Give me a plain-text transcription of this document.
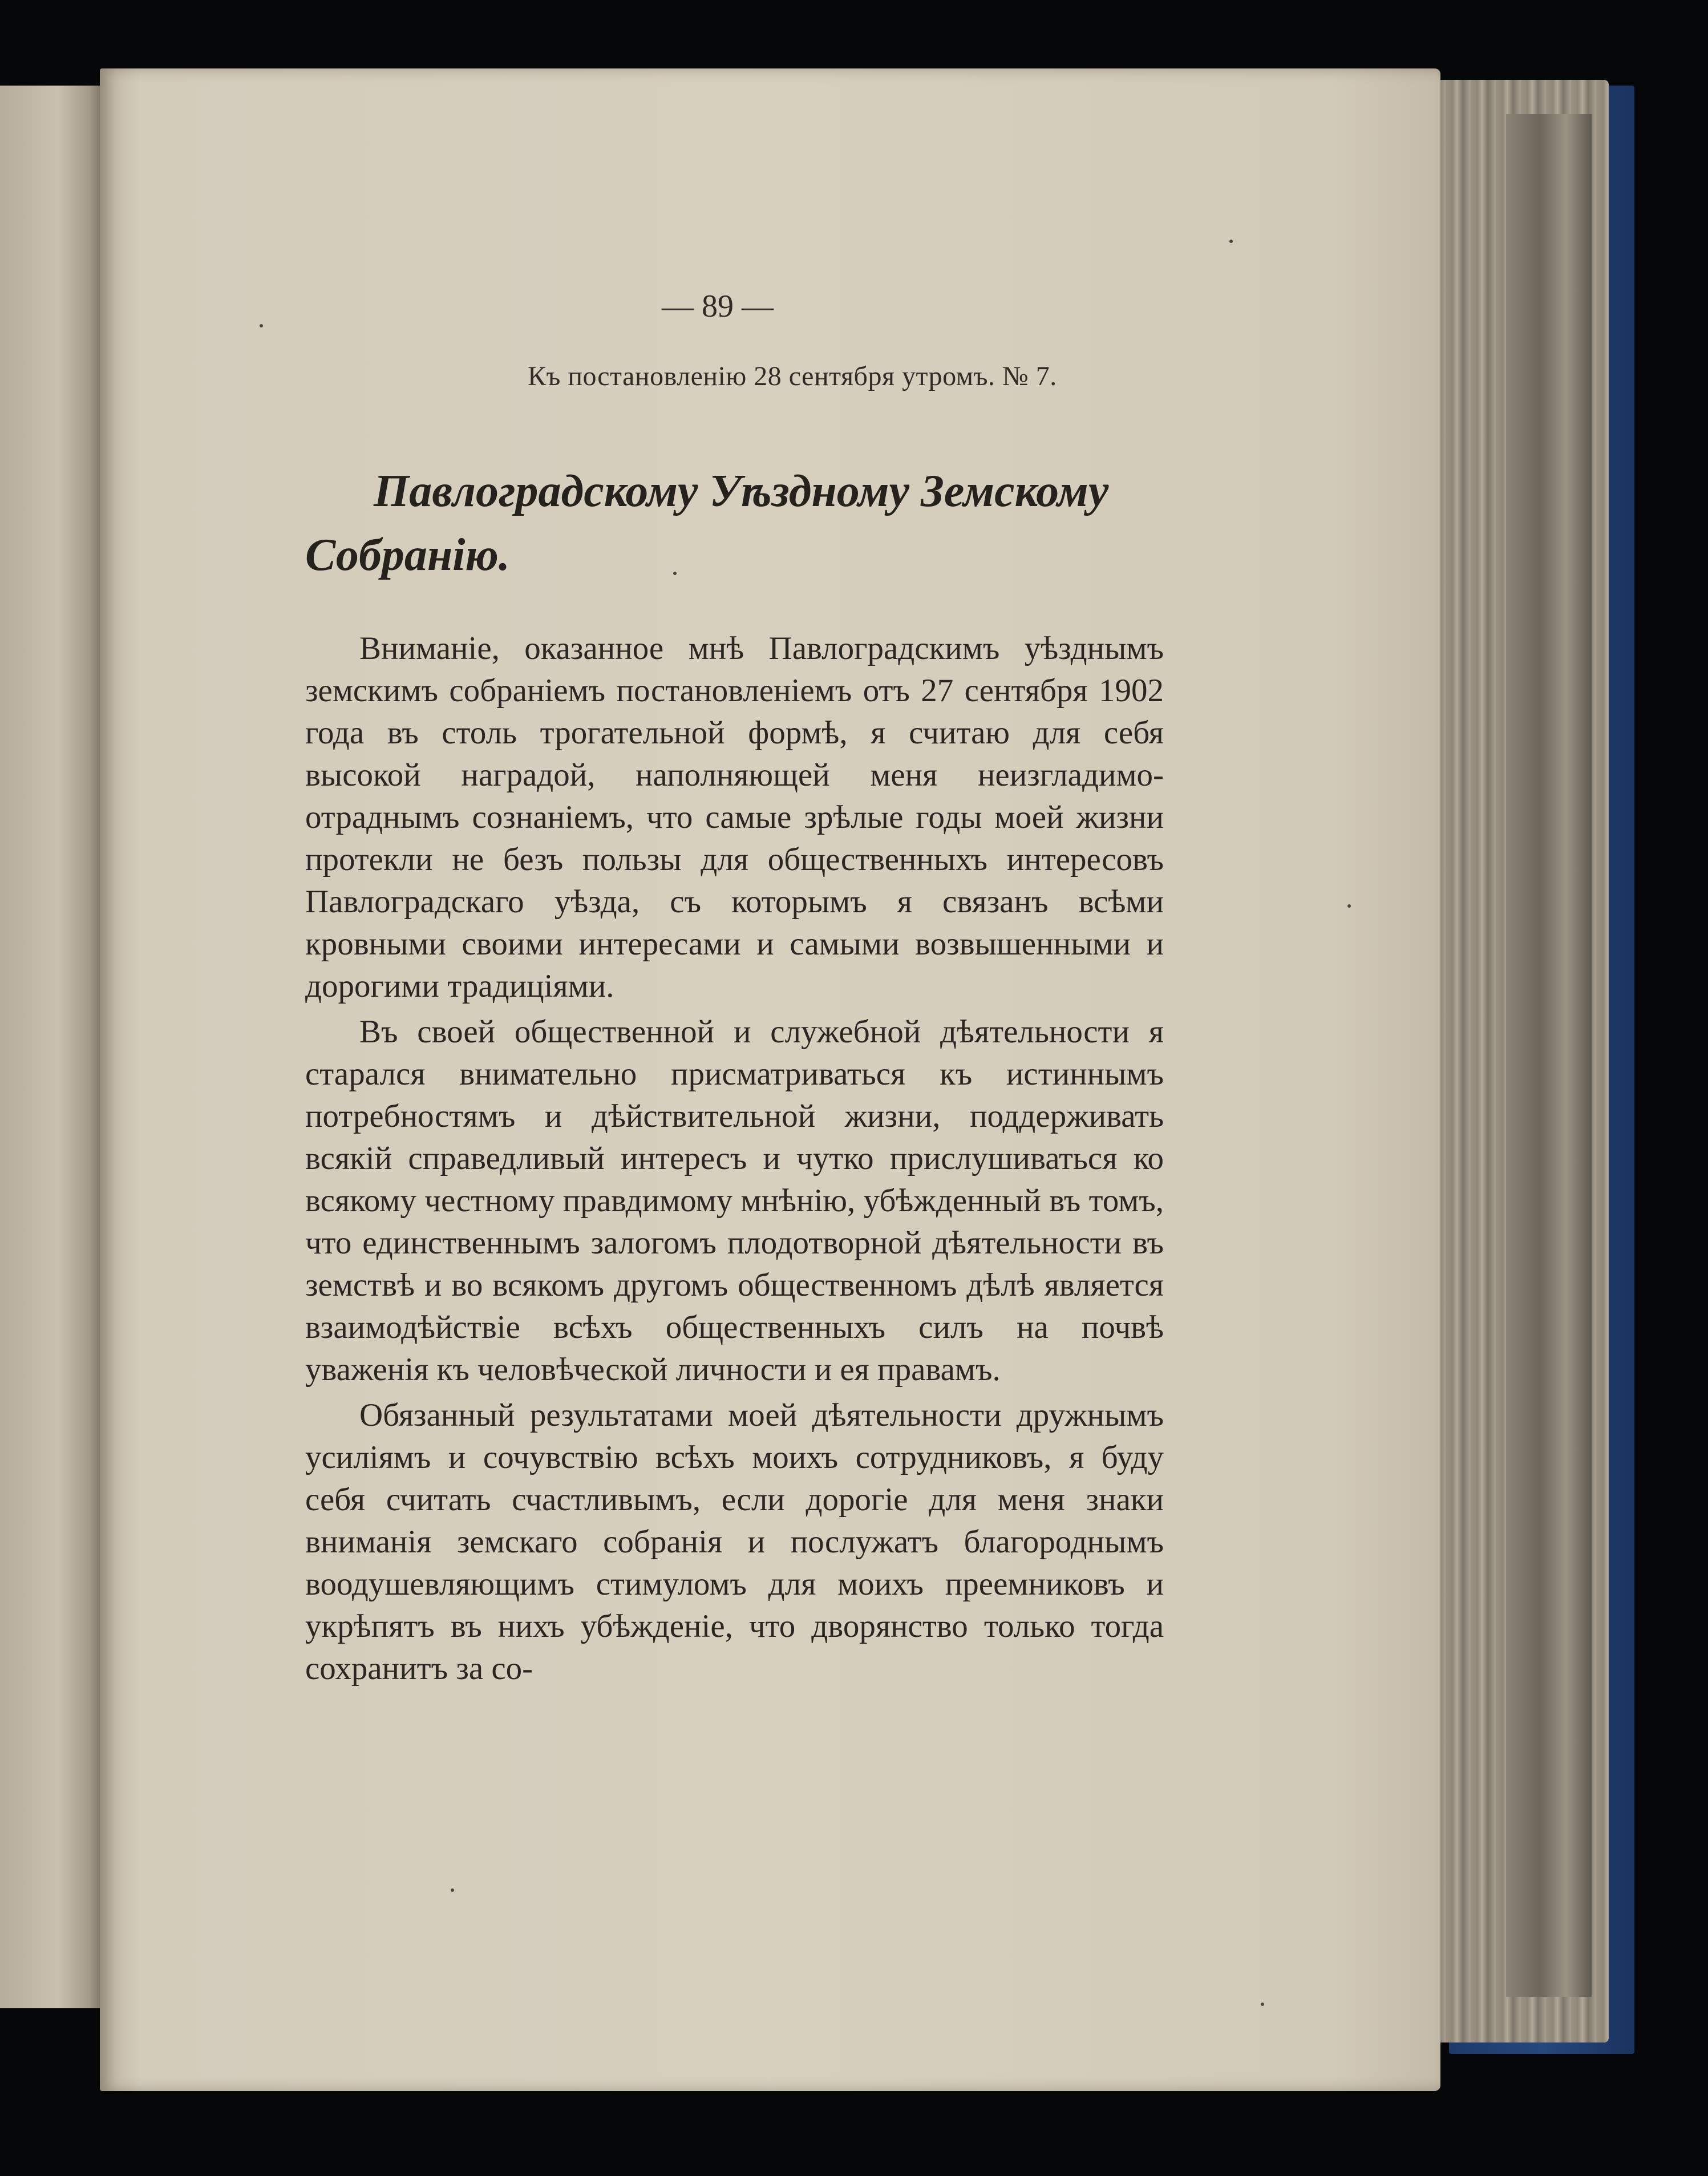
— 89 —
Къ постановленію 28 сентября утромъ. № 7.
Павлоградскому Уѣздному Земскому Собранію.

Вниманіе, оказанное мнѣ Павлоградскимъ уѣзднымъ земскимъ собраніемъ постановленіемъ отъ 27 сентября 1902 года въ столь трогательной формѣ, я считаю для себя высокой наградой, наполняющей меня неизгладимо-отраднымъ сознаніемъ, что самые зрѣлые годы моей жизни протекли не безъ пользы для общественныхъ интересовъ Павлоградскаго уѣзда, съ которымъ я связанъ всѣми кровными своими интересами и самыми возвышенными и дорогими традиціями.

Въ своей общественной и служебной дѣятельности я старался внимательно присматриваться къ истиннымъ потребностямъ и дѣйствительной жизни, поддерживать всякій справедливый интересъ и чутко прислушиваться ко всякому честному правдимому мнѣнію, убѣжденный въ томъ, что единственнымъ залогомъ плодотворной дѣятельности въ земствѣ и во всякомъ другомъ общественномъ дѣлѣ является взаимодѣйствіе всѣхъ общественныхъ силъ на почвѣ уваженія къ человѣческой личности и ея правамъ.

Обязанный результатами моей дѣятельности дружнымъ усиліямъ и сочувствію всѣхъ моихъ сотрудниковъ, я буду себя считать счастливымъ, если дорогіе для меня знаки вниманія земскаго собранія и послужатъ благороднымъ воодушевляющимъ стимуломъ для моихъ преемниковъ и укрѣпятъ въ нихъ убѣжденіе, что дворянство только тогда сохранитъ за со-
